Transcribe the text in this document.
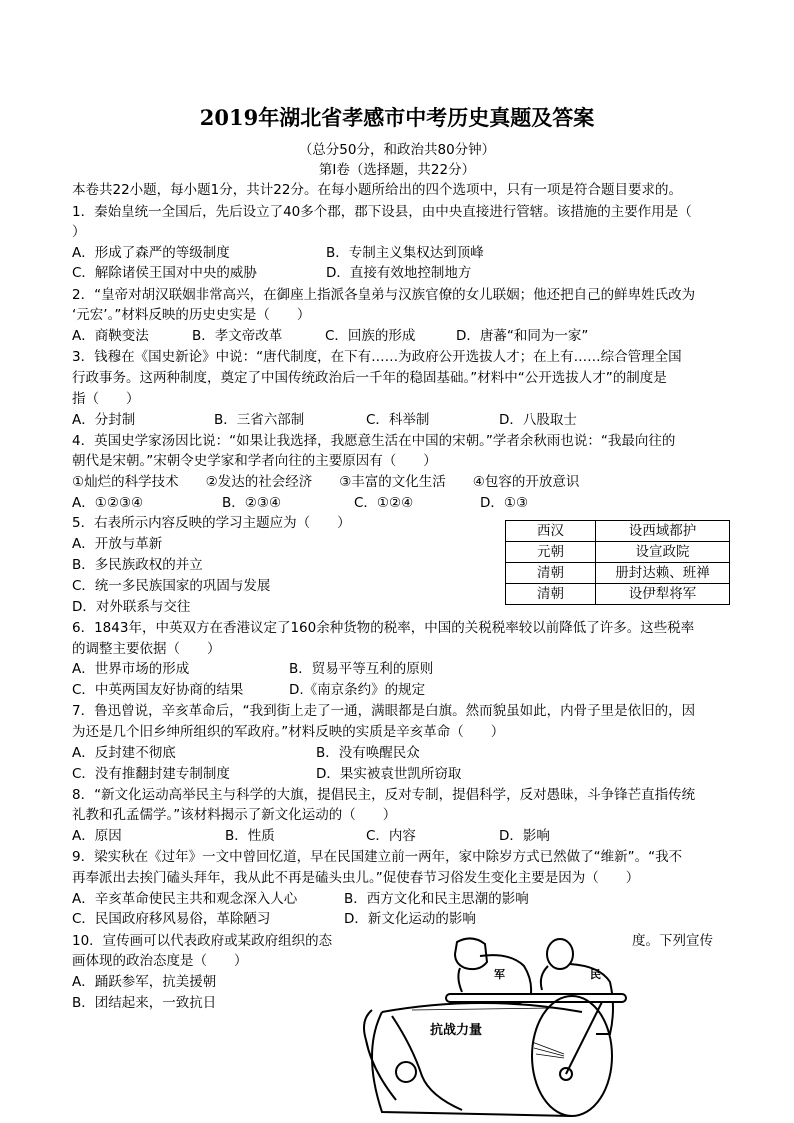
2019年湖北省孝感市中考历史真题及答案
（总分50分，和政治共80分钟）
第Ⅰ卷（选择题，共22分）
本卷共22小题，每小题1分，共计22分。在每小题所给出的四个选项中，只有一项是符合题目要求的。
1．秦始皇统一全国后，先后设立了40多个郡，郡下设县，由中央直接进行管辖。该措施的主要作用是（
）
A．形成了森严的等级制度	B．专制主义集权达到顶峰
C．解除诸侯王国对中央的威胁	D．直接有效地控制地方
2．“皇帝对胡汉联姻非常高兴，在御座上指派各皇弟与汉族官僚的女儿联姻；他还把自己的鲜卑姓氏改为
‘元宏’。”材料反映的历史史实是（　　）
A．商鞅变法	B．孝文帝改革	C．回族的形成	D．唐蕃“和同为一家”
3．钱穆在《国史新论》中说：“唐代制度，在下有……为政府公开选拔人才；在上有……综合管理全国
行政事务。这两种制度，奠定了中国传统政治后一千年的稳固基础。”材料中“公开选拔人才”的制度是
指（　　）
A．分封制	B．三省六部制	C．科举制	D．八股取士
4．英国史学家汤因比说：“如果让我选择，我愿意生活在中国的宋朝。”学者余秋雨也说：“我最向往的
朝代是宋朝。”宋朝令史学家和学者向往的主要原因有（　　）
①灿烂的科学技术　　②发达的社会经济　　③丰富的文化生活　　④包容的开放意识
A．①②③④	B．②③④	C．①②④	D．①③
5．右表所示内容反映的学习主题应为（　　）
A．开放与革新
B．多民族政权的并立
C．统一多民族国家的巩固与发展
D．对外联系与交往
西汉	设西域都护
元朝	设宣政院
清朝	册封达赖、班禅
清朝	设伊犁将军
6．1843年，中英双方在香港议定了160余种货物的税率，中国的关税税率较以前降低了许多。这些税率
的调整主要依据（　　）
A．世界市场的形成	B．贸易平等互利的原则
C．中英两国友好协商的结果	D.《南京条约》的规定
7．鲁迅曾说，辛亥革命后，“我到街上走了一通，满眼都是白旗。然而貌虽如此，内骨子里是依旧的，因
为还是几个旧乡绅所组织的军政府。”材料反映的实质是辛亥革命（　　）
A．反封建不彻底	B．没有唤醒民众
C．没有推翻封建专制制度	D．果实被袁世凯所窃取
8．“新文化运动高举民主与科学的大旗，提倡民主，反对专制，提倡科学，反对愚昧，斗争锋芒直指传统
礼教和孔孟儒学。”该材料揭示了新文化运动的（　　）
A．原因	B．性质	C．内容	D．影响
9．梁实秋在《过年》一文中曾回忆道，早在民国建立前一两年，家中除岁方式已然做了“维新”。“我不
再奉派出去挨门磕头拜年，我从此不再是磕头虫儿。”促使春节习俗发生变化主要是因为（　　）
A．辛亥革命使民主共和观念深入人心	B．西方文化和民主思潮的影响
C．民国政府移风易俗，革除陋习	D．新文化运动的影响
10．宣传画可以代表政府或某政府组织的态	度。下列宣传
画体现的政治态度是（　　）
A．踊跃参军，抗美援朝
B．团结起来，一致抗日
军	民
抗战力量
